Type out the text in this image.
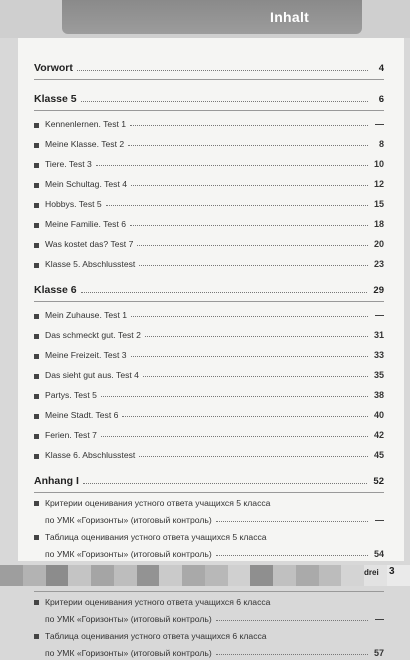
Inhalt
Vorwort	4
Klasse 5	6
Kennenlernen. Test 1	—
Meine Klasse. Test 2	8
Tiere. Test 3	10
Mein Schultag. Test 4	12
Hobbys. Test 5	15
Meine Familie. Test 6	18
Was kostet das? Test 7	20
Klasse 5. Abschlusstest	23
Klasse 6	29
Mein Zuhause. Test 1	—
Das schmeckt gut. Test 2	31
Meine Freizeit. Test 3	33
Das sieht gut aus. Test 4	35
Partys. Test 5	38
Meine Stadt. Test 6	40
Ferien. Test 7	42
Klasse 6. Abschlusstest	45
Anhang I	52
Критерии оценивания устного ответа учащихся 5 класса
по УМК «Горизонты» (итоговый контроль)	—
Таблица оценивания устного ответа учащихся 5 класса
по УМК «Горизонты» (итоговый контроль)	54
Критерии оценивания устного ответа учащихся 6 класса
по УМК «Горизонты» (итоговый контроль)	—
Таблица оценивания устного ответа учащихся 6 класса
по УМК «Горизонты» (итоговый контроль)	57
drei 3
